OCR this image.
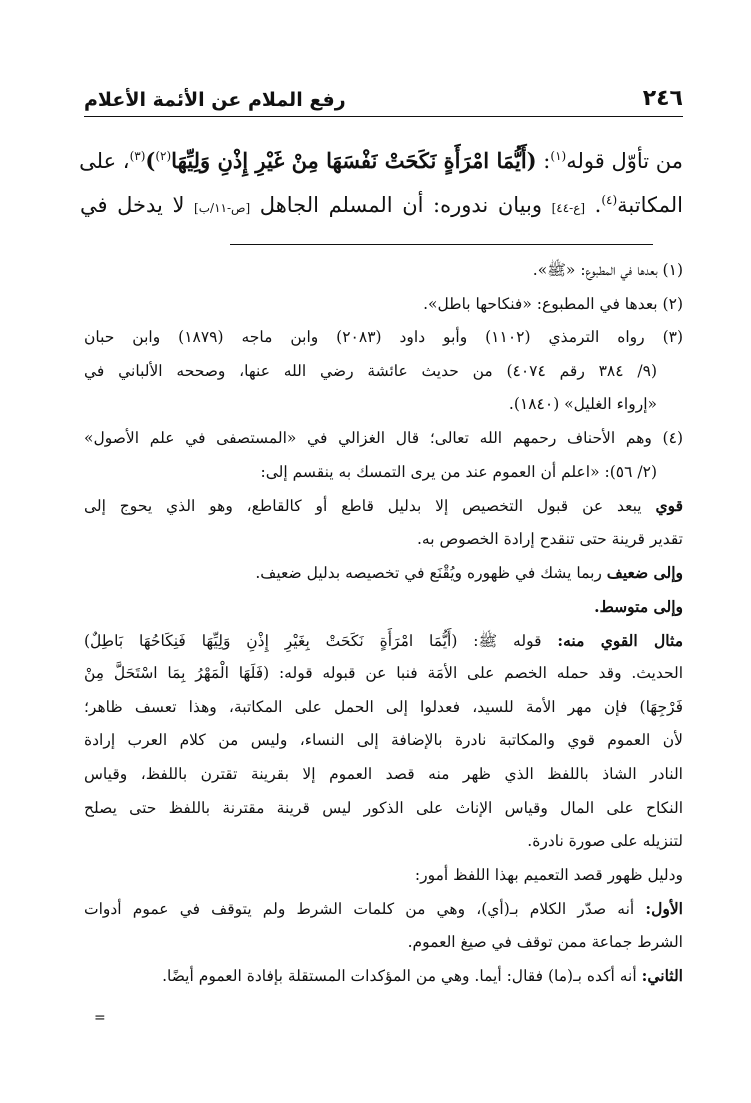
٢٤٦
رفع الملام عن الأئمة الأعلام
من تأوّل قوله$^{(١)}$: (أَيُّمَا امْرَأَةٍ نَكَحَتْ نَفْسَهَا مِنْ غَيْرِ إِذْنِ وَلِيِّهَا$^{(٢)}$)$^{(٣)}$، على
المكاتبة$^{(٤)}$. [ع-٤٤] وبيان ندوره: أن المسلم الجاهل [ص-١١/ب] لا يدخل في
(١) بعدها في المطبوع: «ﷺ».
(٢) بعدها في المطبوع: «فنكاحها باطل».
(٣) رواه الترمذي (١١٠٢) وأبو داود (٢٠٨٣) وابن ماجه (١٨٧٩) وابن حبان
(٩/ ٣٨٤ رقم ٤٠٧٤) من حديث عائشة رضي الله عنها، وصححه الألباني في
«إرواء الغليل» (١٨٤٠).
(٤) وهم الأحناف رحمهم الله تعالى؛ قال الغزالي في «المستصفى في علم الأصول»
(٢/ ٥٦): «اعلم أن العموم عند من يرى التمسك به ينقسم إلى:
قوي يبعد عن قبول التخصيص إلا بدليل قاطع أو كالقاطع، وهو الذي يحوج إلى
تقدير قرينة حتى تنقدح إرادة الخصوص به.
وإلى ضعيف ربما يشك في ظهوره ويُقْنَع في تخصيصه بدليل ضعيف.
وإلى متوسط.
مثال القوي منه: قوله ﷺ: (أَيُّمَا امْرَأَةٍ نَكَحَتْ بِغَيْرِ إِذْنِ وَلِيِّهَا فَنِكَاحُهَا بَاطِلٌ)
الحديث. وقد حمله الخصم على الأمَة فنبا عن قبوله قوله: (فَلَهَا الْمَهْرُ بِمَا اسْتَحَلَّ مِنْ
فَرْجِهَا) فإن مهر الأمة للسيد، فعدلوا إلى الحمل على المكاتبة، وهذا تعسف ظاهر؛
لأن العموم قوي والمكاتبة نادرة بالإضافة إلى النساء، وليس من كلام العرب إرادة
النادر الشاذ باللفظ الذي ظهر منه قصد العموم إلا بقرينة تقترن باللفظ، وقياس
النكاح على المال وقياس الإناث على الذكور ليس قرينة مقترنة باللفظ حتى يصلح
لتنزيله على صورة نادرة.
ودليل ظهور قصد التعميم بهذا اللفظ أمور:
الأول: أنه صدّر الكلام بـ(أي)، وهي من كلمات الشرط ولم يتوقف في عموم أدوات
الشرط جماعة ممن توقف في صيغ العموم.
الثاني: أنه أكده بـ(ما) فقال: أيما. وهي من المؤكدات المستقلة بإفادة العموم أيضًا.
=
